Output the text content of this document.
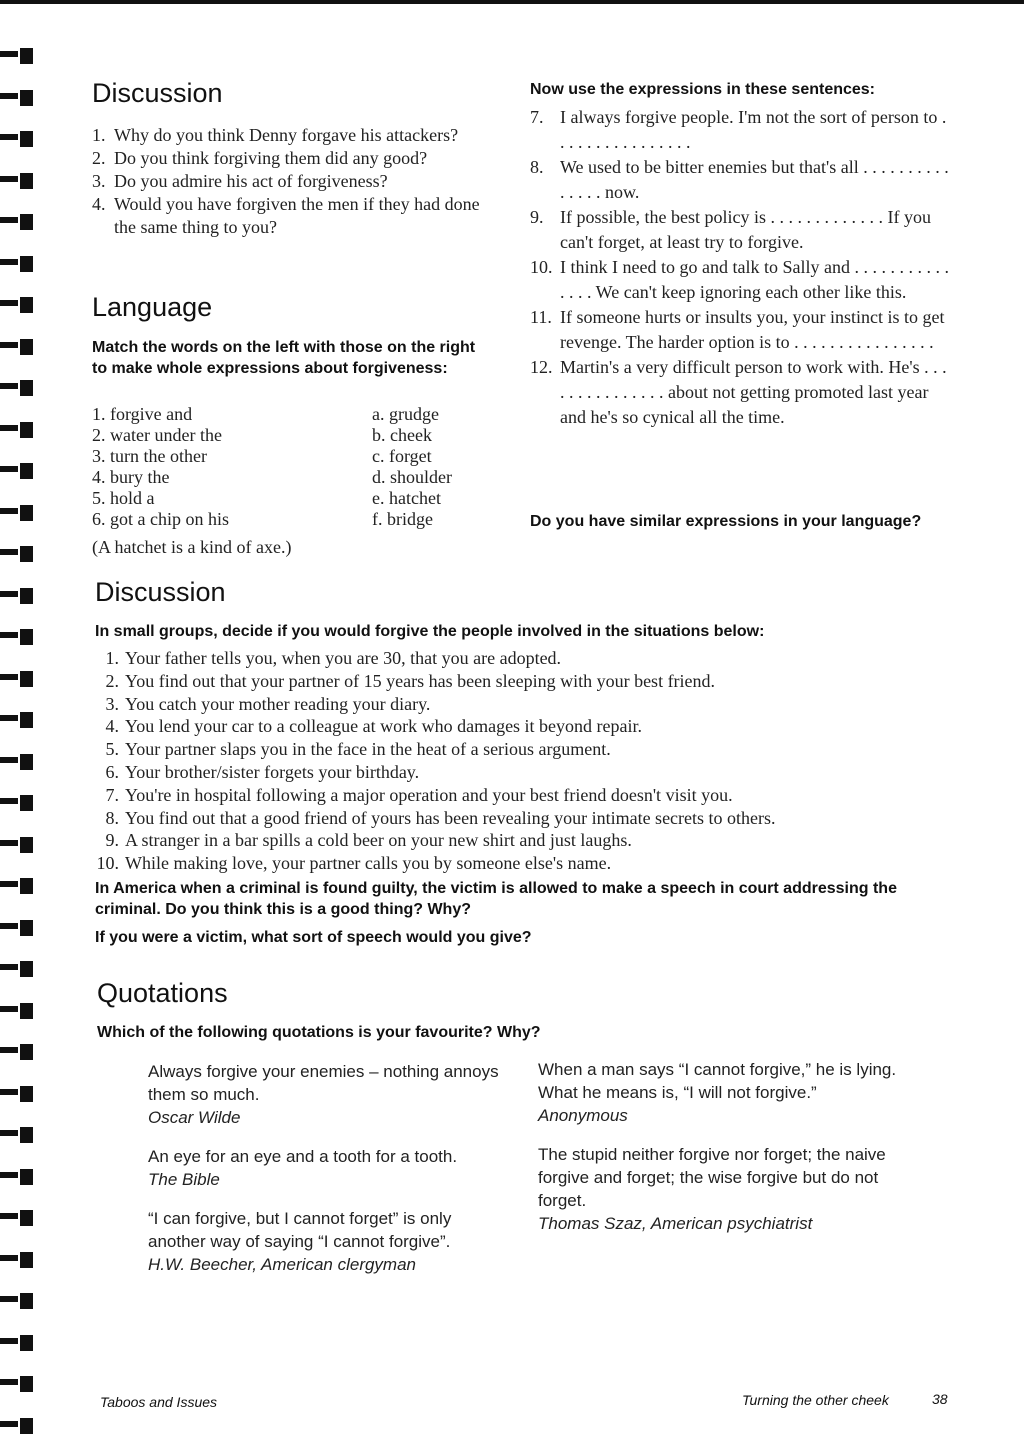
Discussion
1. Why do you think Denny forgave his attackers?
2. Do you think forgiving them did any good?
3. Do you admire his act of forgiveness?
4. Would you have forgiven the men if they had done the same thing to you?
Language
Match the words on the left with those on the right to make whole expressions about forgiveness:
1. forgive and
2. water under the
3. turn the other
4. bury the
5. hold a
6. got a chip on his
a. grudge
b. cheek
c. forget
d. shoulder
e. hatchet
f. bridge
(A hatchet is a kind of axe.)
Now use the expressions in these sentences:
7. I always forgive people. I'm not the sort of person to . . . . . . . . . . . . . . . .
8. We used to be bitter enemies but that's all . . . . . . . . . . . . . . . now.
9. If possible, the best policy is . . . . . . . . . . . . . If you can't forget, at least try to forgive.
10. I think I need to go and talk to Sally and . . . . . . . . . . . . . . . We can't keep ignoring each other like this.
11. If someone hurts or insults you, your instinct is to get revenge. The harder option is to . . . . . . . . . . . . . . . .
12. Martin's a very difficult person to work with. He's . . . . . . . . . . . . . . . about not getting promoted last year and he's so cynical all the time.
Do you have similar expressions in your language?
Discussion
In small groups, decide if you would forgive the people involved in the situations below:
1. Your father tells you, when you are 30, that you are adopted.
2. You find out that your partner of 15 years has been sleeping with your best friend.
3. You catch your mother reading your diary.
4. You lend your car to a colleague at work who damages it beyond repair.
5. Your partner slaps you in the face in the heat of a serious argument.
6. Your brother/sister forgets your birthday.
7. You're in hospital following a major operation and your best friend doesn't visit you.
8. You find out that a good friend of yours has been revealing your intimate secrets to others.
9. A stranger in a bar spills a cold beer on your new shirt and just laughs.
10. While making love, your partner calls you by someone else's name.
In America when a criminal is found guilty, the victim is allowed to make a speech in court addressing the criminal. Do you think this is a good thing? Why?
If you were a victim, what sort of speech would you give?
Quotations
Which of the following quotations is your favourite? Why?
Always forgive your enemies – nothing annoys them so much.
Oscar Wilde
An eye for an eye and a tooth for a tooth.
The Bible
“I can forgive, but I cannot forget” is only another way of saying “I cannot forgive”.
H.W. Beecher, American clergyman
When a man says “I cannot forgive,” he is lying. What he means is, “I will not forgive.”
Anonymous
The stupid neither forgive nor forget; the naive forgive and forget; the wise forgive but do not forget.
Thomas Szaz, American psychiatrist
Taboos and Issues	Turning the other cheek	38
